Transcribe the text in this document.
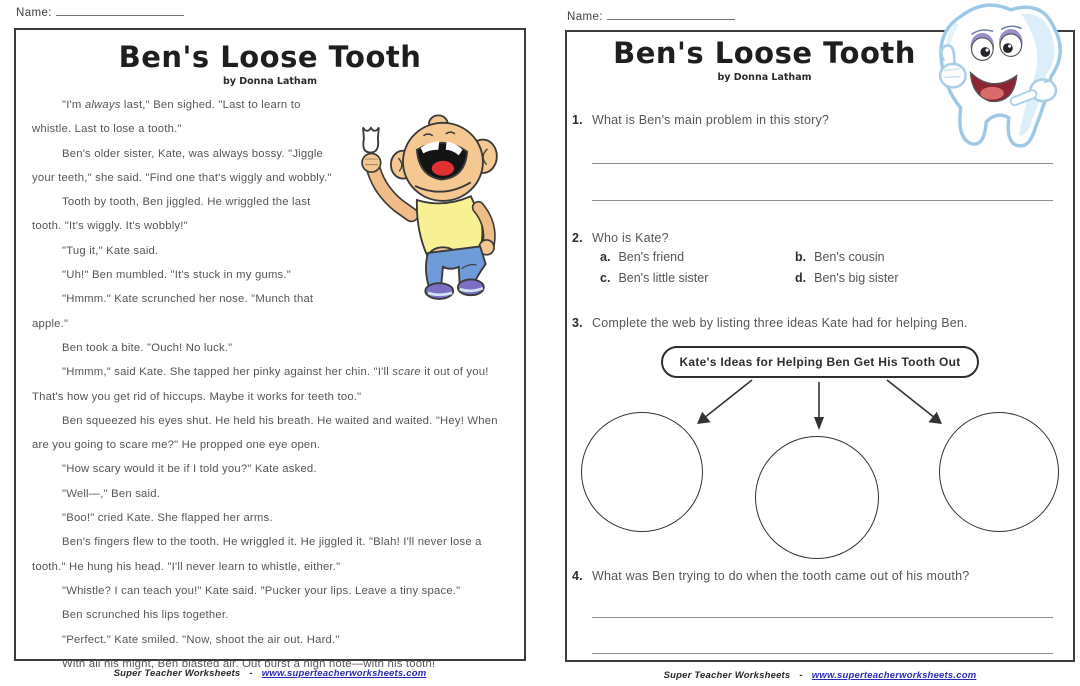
Name:
Ben's Loose Tooth
by Donna Latham

"I'm always last," Ben sighed. "Last to learn to whistle. Last to lose a tooth."

Ben's older sister, Kate, was always bossy. "Jiggle your teeth," she said. "Find one that's wiggly and wobbly."

Tooth by tooth, Ben jiggled. He wriggled the last tooth. "It's wiggly. It's wobbly!"

"Tug it," Kate said.

"Uh!" Ben mumbled. "It's stuck in my gums."

"Hmmm." Kate scrunched her nose. "Munch that apple."

Ben took a bite. "Ouch! No luck."

"Hmmm," said Kate. She tapped her pinky against her chin. "I'll scare it out of you! That's how you get rid of hiccups. Maybe it works for teeth too."

Ben squeezed his eyes shut. He held his breath. He waited and waited. "Hey! When are you going to scare me?" He propped one eye open.

"How scary would it be if I told you?" Kate asked.

"Well—," Ben said.

"Boo!" cried Kate. She flapped her arms.

Ben's fingers flew to the tooth. He wriggled it. He jiggled it. "Blah! I'll never lose a tooth." He hung his head. "I'll never learn to whistle, either."

"Whistle? I can teach you!" Kate said. "Pucker your lips. Leave a tiny space."

Ben scrunched his lips together.

"Perfect." Kate smiled. "Now, shoot the air out. Hard."

With all his might, Ben blasted air. Out burst a high note—with his tooth!

Super Teacher Worksheets - www.superteacherworksheets.com
Name:
Ben's Loose Tooth
by Donna Latham
1. What is Ben's main problem in this story?
2. Who is Kate?
a. Ben's friend	b. Ben's cousin
c. Ben's little sister	d. Ben's big sister
3. Complete the web by listing three ideas Kate had for helping Ben.
Kate's Ideas for Helping Ben Get His Tooth Out
4. What was Ben trying to do when the tooth came out of his mouth?
Super Teacher Worksheets - www.superteacherworksheets.com
